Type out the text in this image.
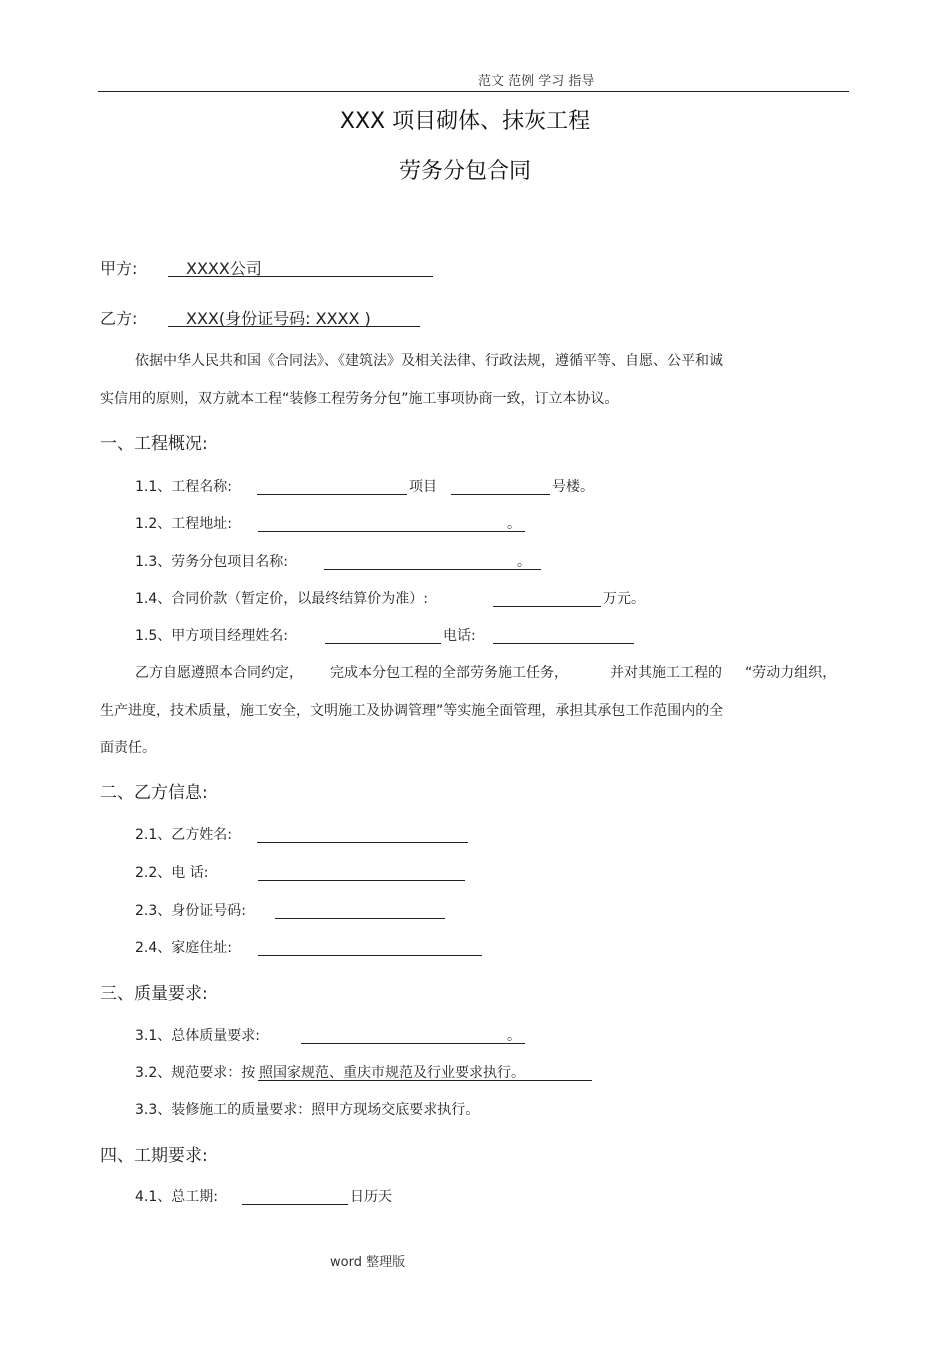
范文 范例 学习 指导
XXX 项目砌体、抹灰工程
劳务分包合同
甲方:	XXXX公司
乙方:	XXX(身份证号码: XXXX )
依据中华人民共和国《合同法》、《建筑法》及相关法律、行政法规，遵循平等、自愿、公平和诚
实信用的原则，双方就本工程“装修工程劳务分包”施工事项协商一致，订立本协议。
一、工程概况:
1.1、工程名称:	项目	号楼。
1.2、工程地址:	。
1.3、劳务分包项目名称:	。
1.4、合同价款（暂定价，以最终结算价为准）:	万元。
1.5、甲方项目经理姓名:	电话:
乙方自愿遵照本合同约定， 完成本分包工程的全部劳务施工任务，	并对其施工工程的 “劳动力组织，
生产进度，技术质量，施工安全，文明施工及协调管理”等实施全面管理，承担其承包工作范围内的全
面责任。
二、乙方信息:
2.1、乙方姓名:
2.2、电 话:
2.3、身份证号码:
2.4、家庭住址:
三、质量要求:
3.1、总体质量要求:	。
3.2、规范要求：按 照国家规范、重庆市规范及行业要求执行。
3.3、装修施工的质量要求：照甲方现场交底要求执行。
四、工期要求:
4.1、总工期:	日历天
word 整理版
